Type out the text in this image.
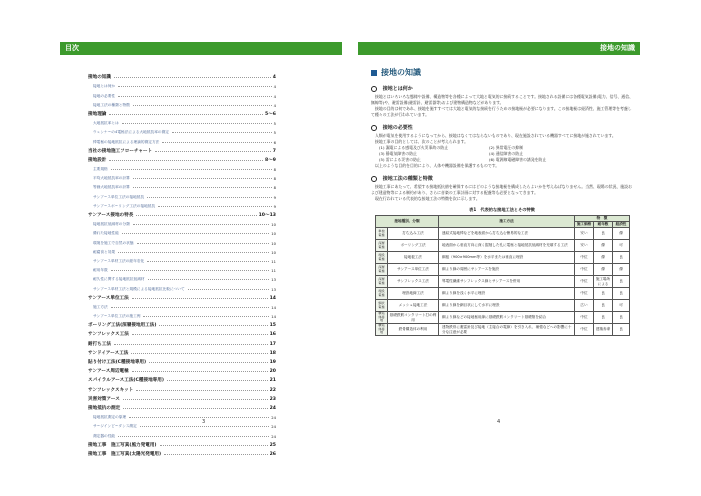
目次	接地の知識
接地の知識	4
接地とは何か	4
接地の必要性	4
接地工法の種類と特徴	4
接地理論	5〜6
大地抵抗率とは	5
ウェンナーの4電極法による大地抵抗率の測定	5
棒電極の接地抵抗による理論的測定方法	6
当社の接地施工フローチャート	7
接地設計	8〜9
主要規格	8
平均大地抵抗率の計算	8
等価大地抵抗率の計算	8
サンアース単位工法の接地抵抗	9
サンアースボーリング工法の接地抵抗	9
サンアース接地の特長	10〜13
接地抵抗低減材の分類	10
優れた接地性能	10
環境を施工で自然の状態	10
耐腐食と効果	10
サンアース単材工法の経年変化	11
耐用年数	11
耐久性に関する接地抵抗低減材	13
サンアース単材工法と規模による接地抵抗比較について	13
サンアース単位工法	14
施工方法	14
サンアース単位工法の施工例	14
ボーリング工法(深層接地用工法)	15
サンフレックス工法	16
耐打ち工法	17
サンドイアース工法	18
貼り付け工法(C種接地専用)	19
サンアース周辺電極	20
スパイラルアース工法(C種接地専用)	21
サンフレックスキット	22
災害対策アース	23
接地抵抗の測定	24
接地抵抗測定の原理	24
サージインピーダンス測定	24
測定器の性能	24
接地工事　施工写真(風力発電用)	25
接地工事　施工写真(太陽光発電用)	26
接地の知識
接地とは何か
接地とはいろいろな態様や設備、構造物等を各種によって大地と電気的に接続することです。接地される設備には各種電気設備(電力、信号、通信、無線等)や、避雷設備(避雷針、避雷器等)および建物構造物などがあります。
接地の目的は何であれ、接地を施すすべては大地と電気的な接続を行うための接地極が必要になります。この接地極は経済性、施工管理等を考慮して種々の工法が行われています。
接地の必要性
人類が電気を使用するようになってから、接地はなくてはならないものであり、現在施設されている機器すべてに接地が施されています。
接地工事の目的としては、次のことが考えられます。
(1) 漏電による感電及び火災事故の防止	(2) 異常電圧の抑制
(3) 静電気障害の防止	(4) 通信障害の防止
(5) 雷による災害の防止	(6) 電源線電磁障害の誘発を防止
以上のような目的を目的により、人体や機器設備を保護するものです。
接地工法の種類と特徴
接地工事にあたって、希望する接地抵抗値を確保するにはどのような接地極を構成したらよいかを考えねばなりません。当然、現場の状況、施設および建造物等による制約があり、さらに音楽の工事計画に対する配慮等も必要となってきます。
現在行われている代表的な接地工法の特徴を次に示します。
表1　代表的な接地工法とその特徴
接地種別、分類		施工方法	特　徴		
			施工価格	耐年数	経済性
単独電極	打ち込み工法	連結式接地棒などを地表面から打ち込む簡易的な工法	安い	良	優
深層電極	ボーリング工法	地表面から垂直方向に深く掘削した孔に電極と接地抵抗低減材を充填する工法	安い	優	可
埋設電極	接地板工法	銅板（900×900mm等）を水平または垂直に埋設	中位	優	良
深層電極	サンアース単位工法	銅より線の周囲にサンアースを施設	中位	優	優
深層電極	サンフレックス工法	導電性繊維サンフレックス線とサンアースを併用	中位	施工場所による	良
埋設電極	埋設地線工法	銅より線を浅く水平に埋設	中位	良	良
網状電極	メッシュ接地工法	銅より線を網目状にして水平に埋設	広い	良	可
構造体接地	基礎鉄筋コンクリート打の利用	銅より線などの接地極用線に基礎鉄筋コンクリート基礎筋を結合	中位	良	良
構造体接地	鉄骨構造体の利用	建物鉄骨に避雷針及び接地（主接合の電線）を引き入れ、補強などへの影響に十分な注意が必要	中位	建築寿命	良
3	4
